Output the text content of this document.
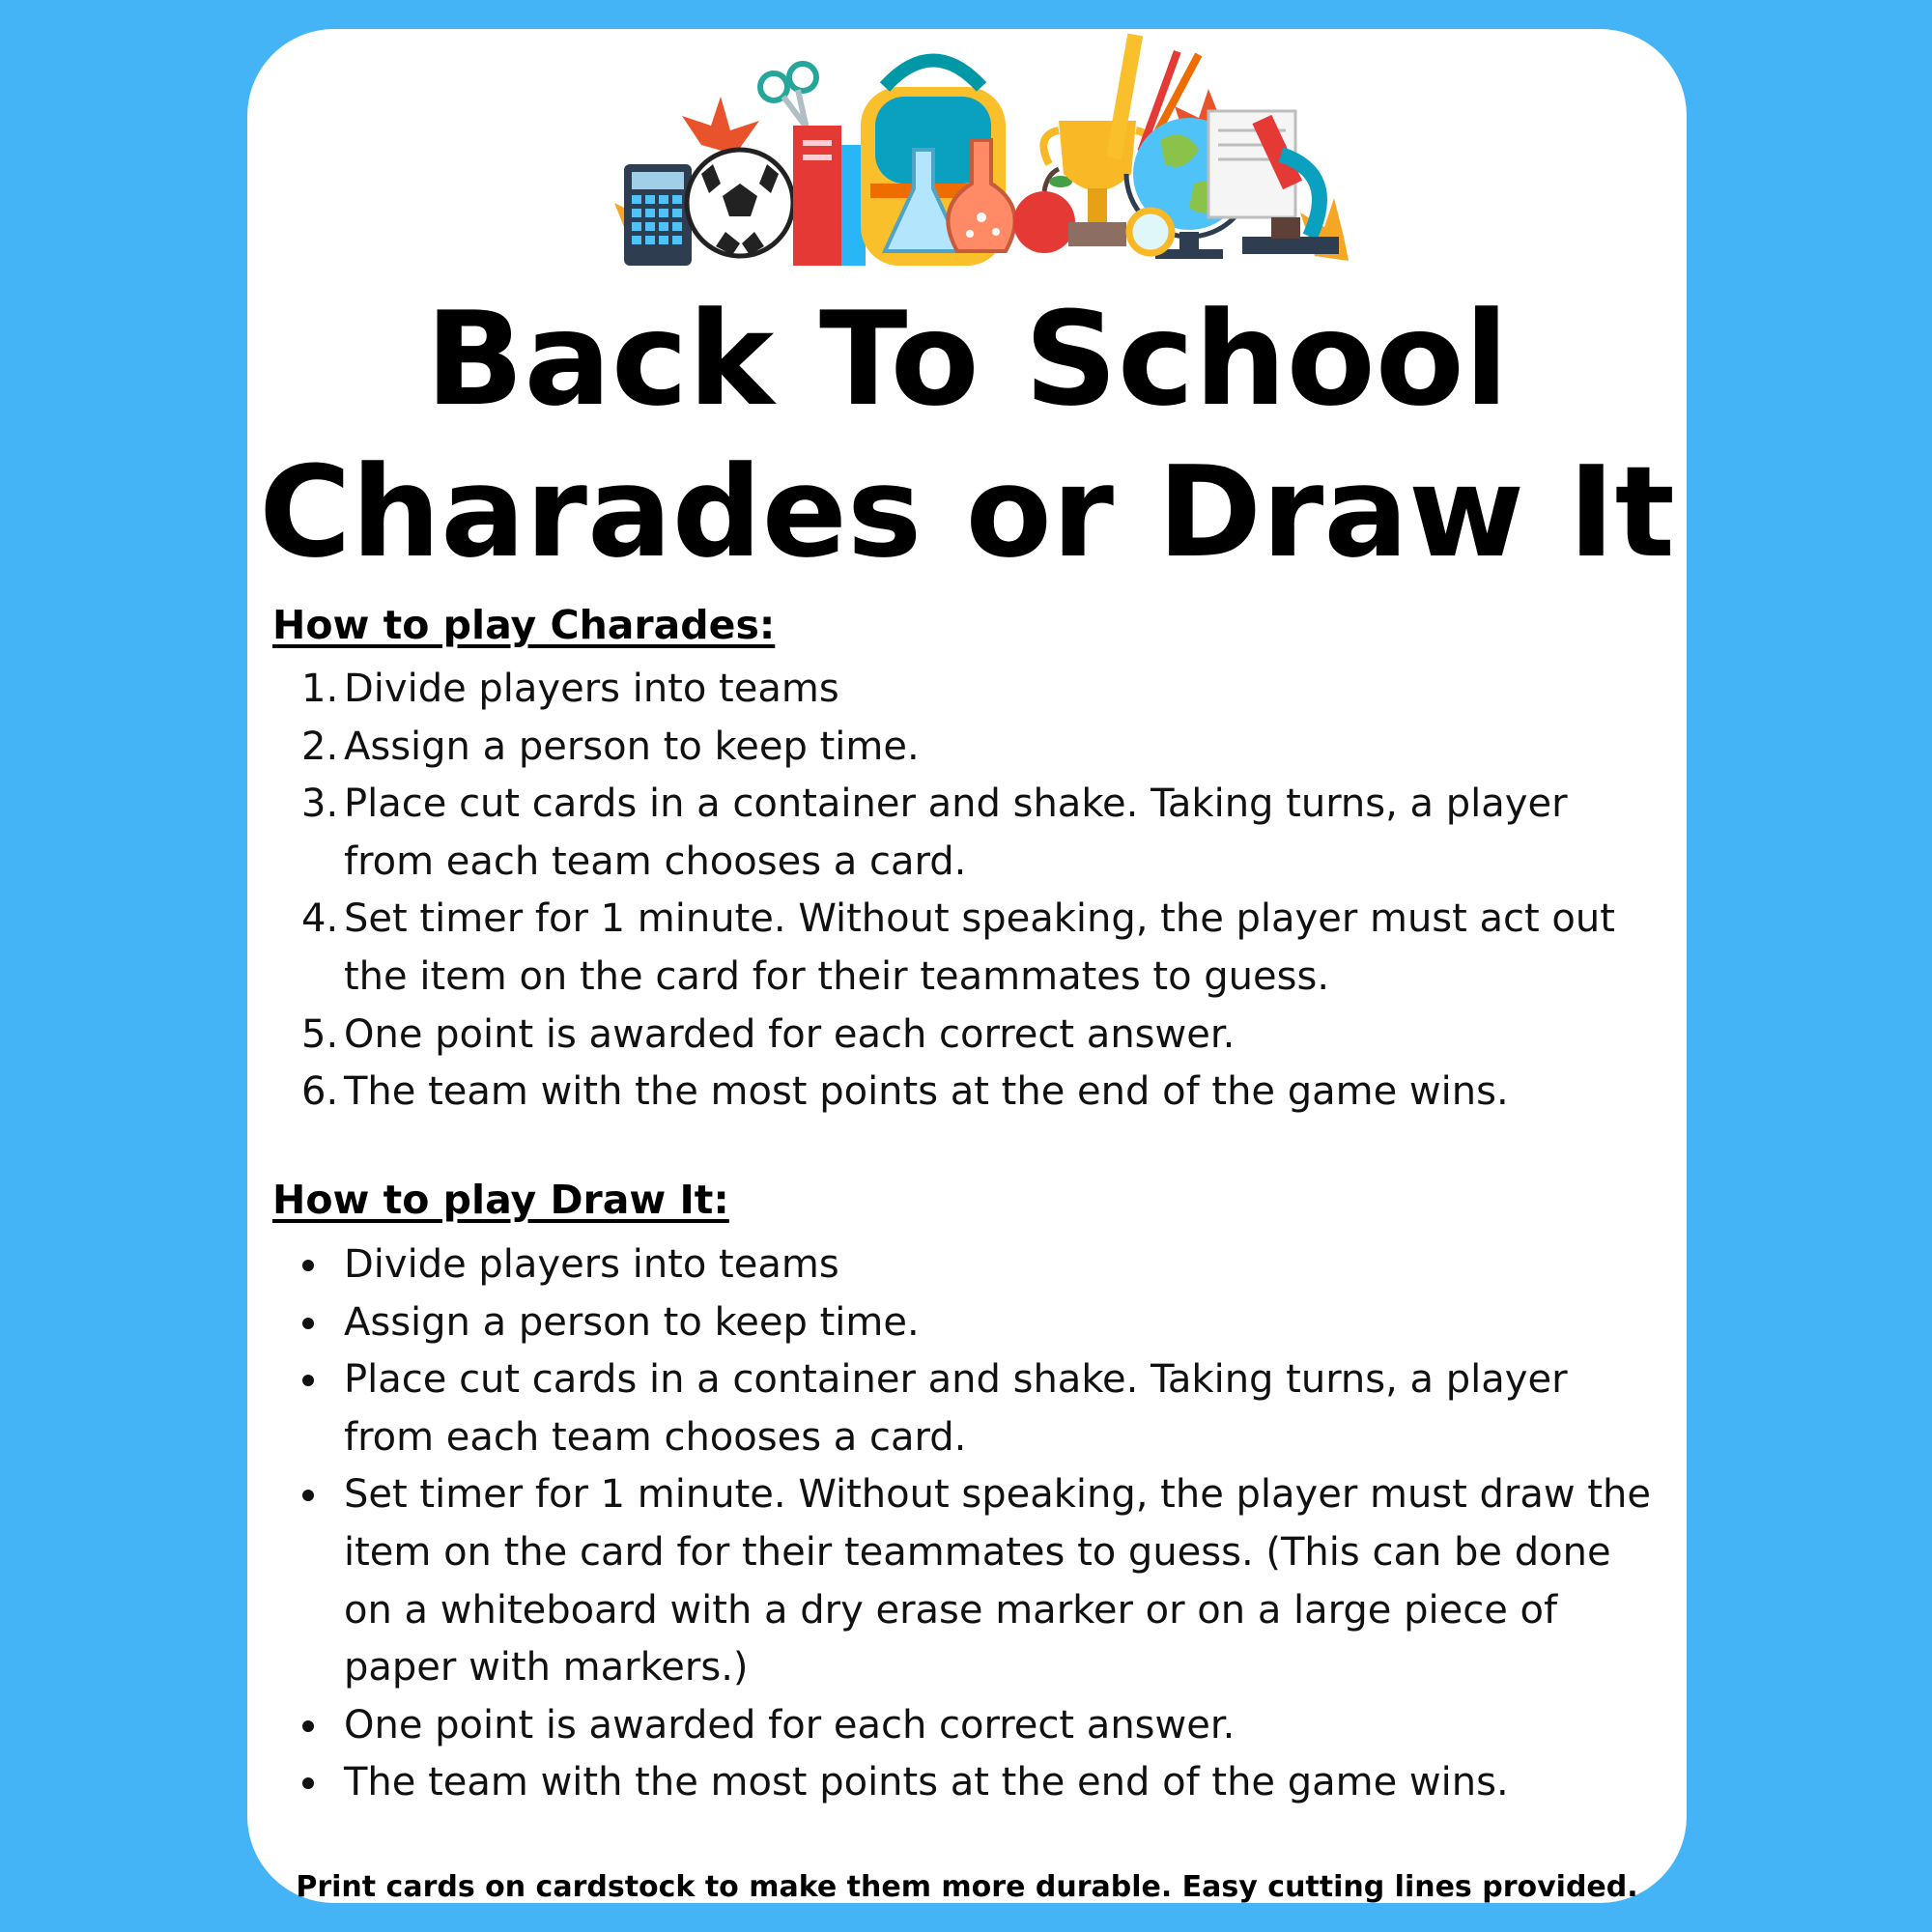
Back To School
Charades or Draw It
How to play Charades:
1. Divide players into teams
2. Assign a person to keep time.
3. Place cut cards in a container and shake. Taking turns, a player from each team chooses a card.
4. Set timer for 1 minute. Without speaking, the player must act out the item on the card for their teammates to guess.
5. One point is awarded for each correct answer.
6. The team with the most points at the end of the game wins.
How to play Draw It:
Divide players into teams
Assign a person to keep time.
Place cut cards in a container and shake. Taking turns, a player from each team chooses a card.
Set timer for 1 minute. Without speaking, the player must draw the item on the card for their teammates to guess. (This can be done on a whiteboard with a dry erase marker or on a large piece of paper with markers.)
One point is awarded for each correct answer.
The team with the most points at the end of the game wins.

Print cards on cardstock to make them more durable. Easy cutting lines provided.
